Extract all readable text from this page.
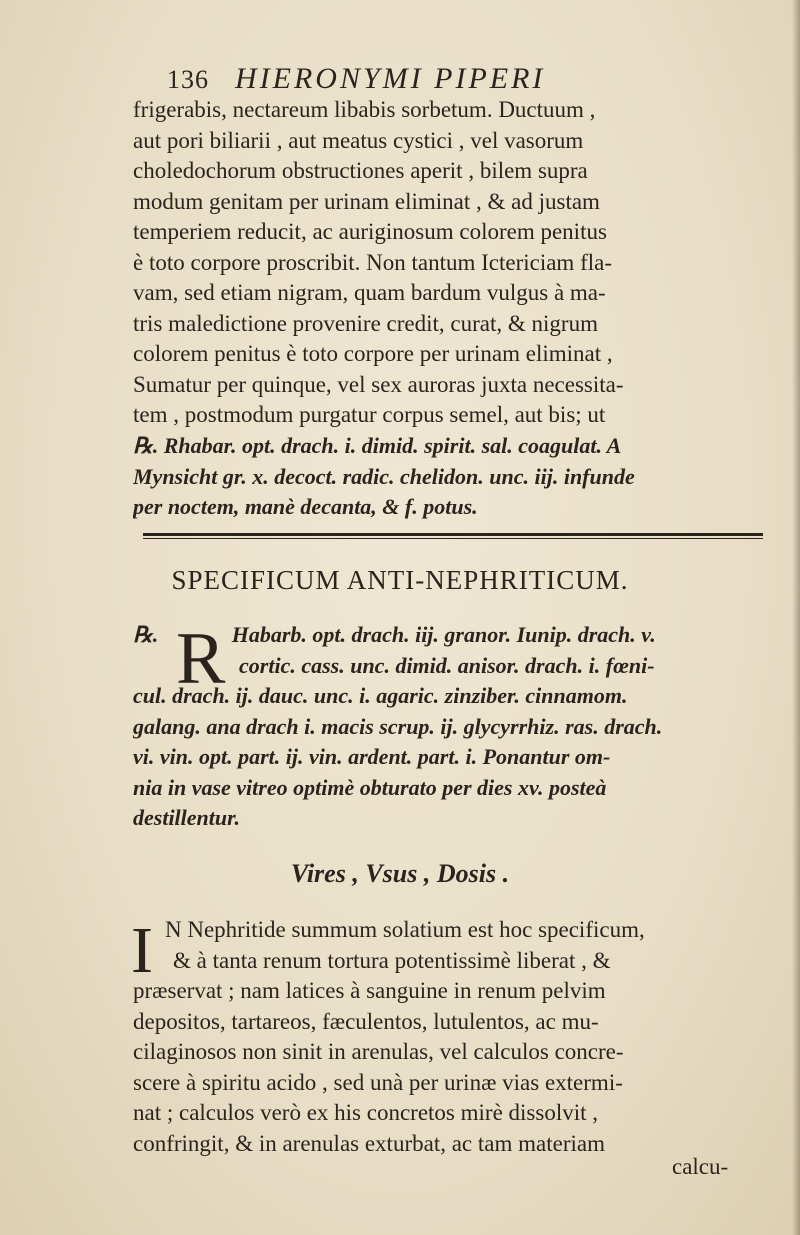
136 HIERONYMI PIPERI
frigerabis, nectareum libabis sorbetum. Ductuum ,
aut pori biliarii , aut meatus cystici , vel vasorum
choledochorum obstructiones aperit , bilem supra
modum genitam per urinam eliminat , & ad justam
temperiem reducit, ac auriginosum colorem penitus
è toto corpore proscribit. Non tantum Ictericiam fla-
vam, sed etiam nigram, quam bardum vulgus à ma-
tris maledictione provenire credit, curat, & nigrum
colorem penitus è toto corpore per urinam eliminat ,
Sumatur per quinque, vel sex auroras juxta necessita-
tem , postmodum purgatur corpus semel, aut bis; ut
℞. Rhabar. opt. drach. i. dimid. spirit. sal. coagulat. A
Mynsicht gr. x. decoct. radic. chelidon. unc. iij. infunde
per noctem, manè decanta, & f. potus.
SPECIFICUM ANTI-NEPHRITICUM.
R
℞.	Habarb. opt. drach. iij. granor. Iunip. drach. v.
cortic. cass. unc. dimid. anisor. drach. i. fœni-
cul. drach. ij. dauc. unc. i. agaric. zinziber. cinnamom.
galang. ana drach i. macis scrup. ij. glycyrrhiz. ras. drach.
vi. vin. opt. part. ij. vin. ardent. part. i. Ponantur om-
nia in vase vitreo optimè obturato per dies xv. posteà
destillentur.
Vires , Vsus , Dosis .
I N Nephritide summum solatium est hoc specificum,
& à tanta renum tortura potentissimè liberat , &
præservat ; nam latices à sanguine in renum pelvim
depositos, tartareos, fæculentos, lutulentos, ac mu-
cilaginosos non sinit in arenulas, vel calculos concre-
scere à spiritu acido , sed unà per urinæ vias extermi-
nat ; calculos verò ex his concretos mirè dissolvit ,
confringit, & in arenulas exturbat, ac tam materiam
calcu-
